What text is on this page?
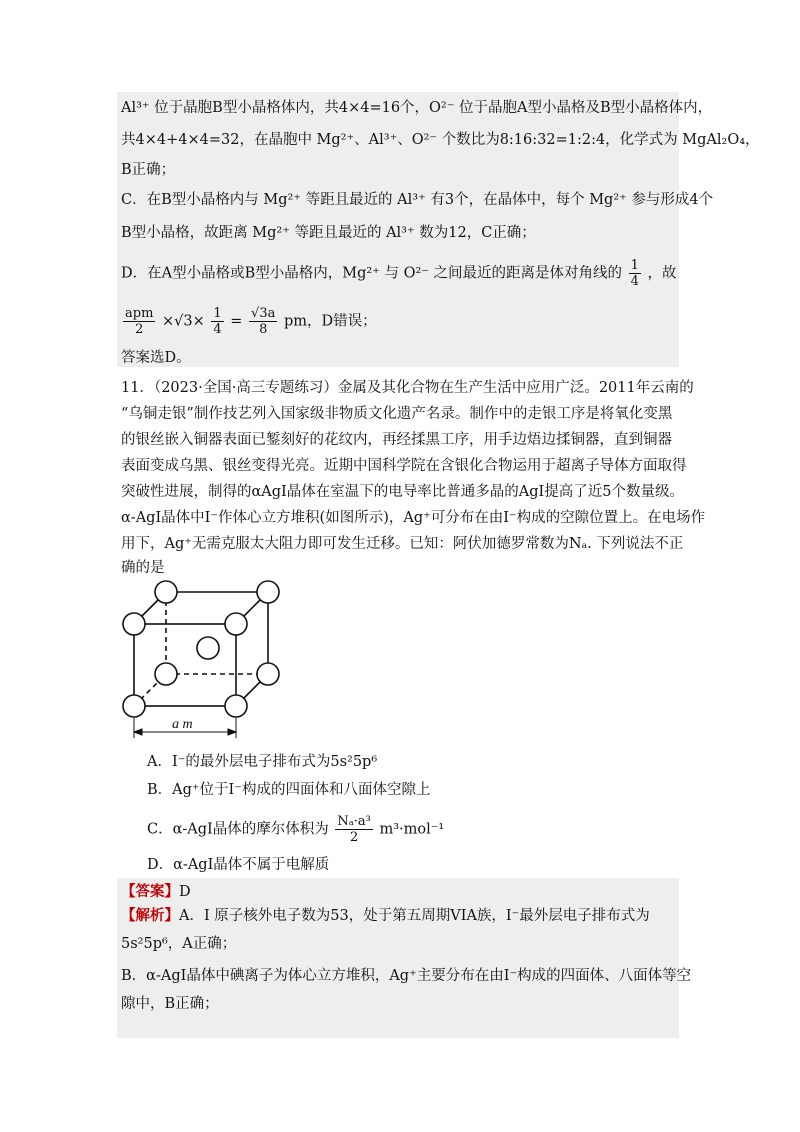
Al³⁺ 位于晶胞B型小晶格体内，共4×4=16个，O²⁻ 位于晶胞A型小晶格及B型小晶格体内，
共4×4+4×4=32，在晶胞中 Mg²⁺、Al³⁺、O²⁻ 个数比为8:16:32=1:2:4，化学式为 MgAl₂O₄，
B正确；
C．在B型小晶格内与 Mg²⁺ 等距且最近的 Al³⁺ 有3个，在晶体中，每个 Mg²⁺ 参与形成4个
B型小晶格，故距离 Mg²⁺ 等距且最近的 Al³⁺ 数为12，C正确；
D．在A型小晶格或B型小晶格内，Mg²⁺ 与 O²⁻ 之间最近的距离是体对角线的 $\frac{1}{4}$ ，故
$\frac{\text{apm}}{2} \times√3\times \frac{1}{4} = \frac{√3a}{8}$ pm，D错误；
答案选D。
11．（2023·全国·高三专题练习）金属及其化合物在生产生活中应用广泛。2011年云南的
“乌铜走银”制作技艺列入国家级非物质文化遗产名录。制作中的走银工序是将氧化变黑
的银丝嵌入铜器表面已錾刻好的花纹内，再经揉黑工序，用手边焐边揉铜器，直到铜器
表面变成乌黑、银丝变得光亮。近期中国科学院在含银化合物运用于超离子导体方面取得
突破性进展，制得的αAgI晶体在室温下的电导率比普通多晶的AgI提高了近5个数量级。
α-AgI晶体中I⁻作体心立方堆积(如图所示)，Ag⁺可分布在由I⁻构成的空隙位置上。在电场作
用下，Ag⁺无需克服太大阻力即可发生迁移。已知：阿伏加德罗常数为Nₐ. 下列说法不正
确的是
a m
A．I⁻的最外层电子排布式为5s²5p⁶
B．Ag⁺位于I⁻构成的四面体和八面体空隙上
C．α-AgI晶体的摩尔体积为 $\frac{\text{Nₐ·a³}}{2} m^3\cdot mol^{-1}$
D．α-AgI晶体不属于电解质
【答案】D
【解析】A．I 原子核外电子数为53，处于第五周期VIA族，I⁻最外层电子排布式为
5s²5p⁶，A正确；
B．α-AgI晶体中碘离子为体心立方堆积，Ag⁺主要分布在由I⁻构成的四面体、八面体等空
隙中，B正确；
